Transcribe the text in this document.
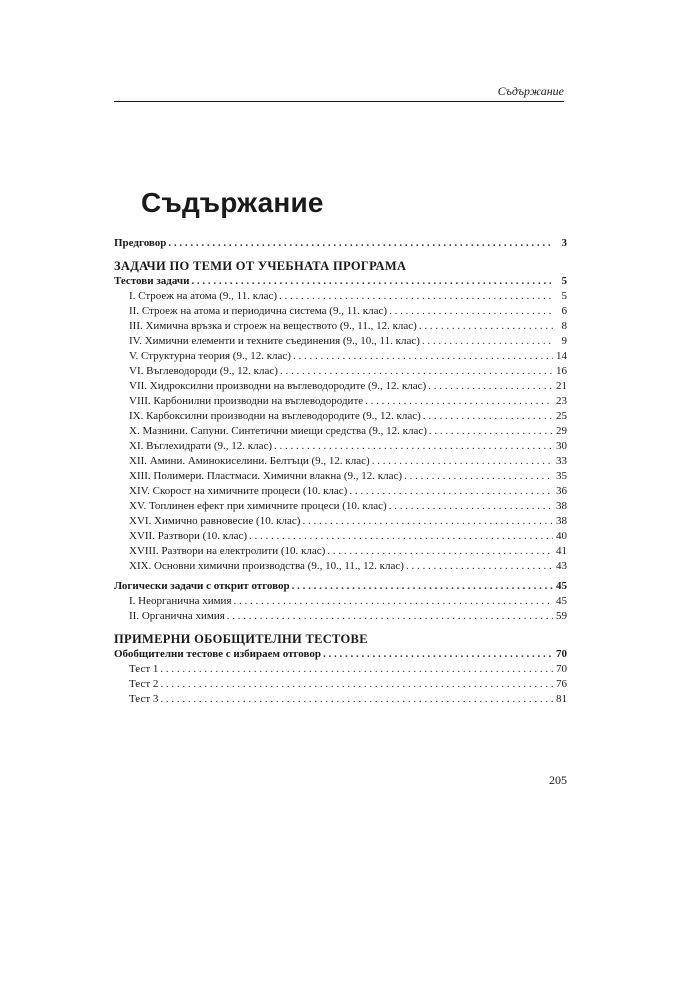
Съдържание
Съдържание
Предговор . . .	3
ЗАДАЧИ ПО ТЕМИ ОТ УЧЕБНАТА ПРОГРАМА
Тестови задачи . . .	5
I. Строеж на атома (9., 11. клас) . . .	5
II. Строеж на атома и периодична система (9., 11. клас) . . .	6
III. Химична връзка и строеж на веществото (9., 11., 12. клас) . . .	8
IV. Химични елементи и техните съединения (9., 10., 11. клас) . . .	9
V. Структурна теория (9., 12. клас) . . .	14
VI. Въглеводороди (9., 12. клас) . . .	16
VII. Хидроксилни производни на въглеводородите (9., 12. клас) . . .	21
VIII. Карбонилни производни на въглеводородите . . .	23
IX. Карбоксилни производни на въглеводородите (9., 12. клас) . . .	25
X. Мазнини. Сапуни. Синтетични миещи средства (9., 12. клас) . . .	29
XI. Въглехидрати (9., 12. клас) . . .	30
XII. Амини. Аминокиселини. Белтъци (9., 12. клас) . . .	33
XIII. Полимери. Пластмаси. Химични влакна (9., 12. клас) . . .	35
XIV. Скорост на химичните процеси (10. клас) . . .	36
XV. Топлинен ефект при химичните процеси (10. клас) . . .	38
XVI. Химично равновесие (10. клас) . . .	38
XVII. Разтвори (10. клас) . . .	40
XVIII. Разтвори на електролити (10. клас) . . .	41
XIX. Основни химични производства (9., 10., 11., 12. клас) . . .	43
Логически задачи с открит отговор . . .	45
I. Неорганична химия . . .	45
II. Органична химия . . .	59
ПРИМЕРНИ ОБОБЩИТЕЛНИ ТЕСТОВЕ
Обобщителни тестове с избираем отговор . . .	70
Тест 1 . . .	70
Тест 2 . . .	76
Тест 3 . . .	81
205
